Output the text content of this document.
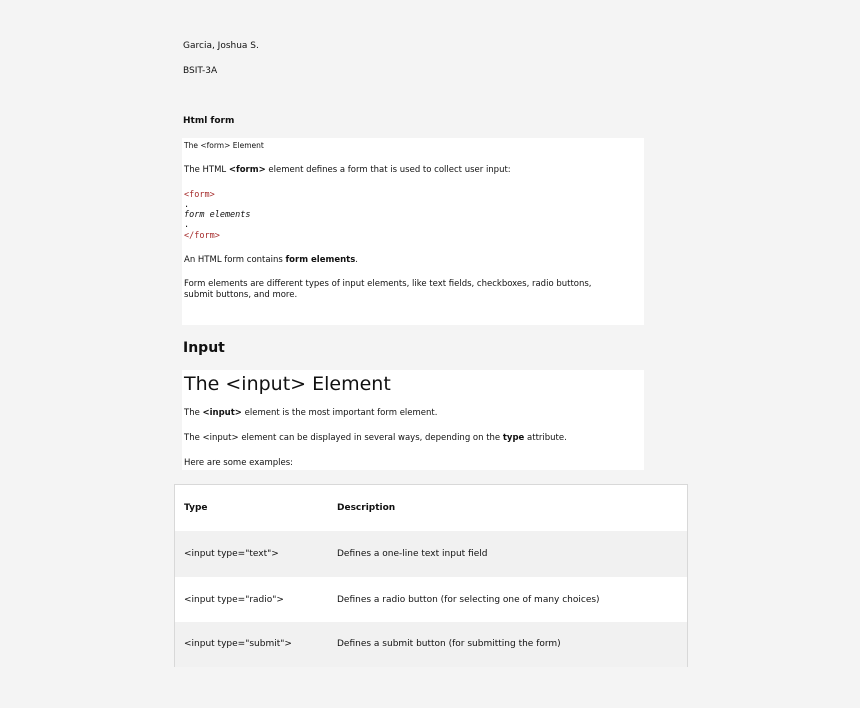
Garcia, Joshua S.
BSIT-3A
Html form
The <form> Element
The HTML <form> element defines a form that is used to collect user input:
<form>
.
form elements
.
</form>
An HTML form contains form elements.
Form elements are different types of input elements, like text fields, checkboxes, radio buttons,
submit buttons, and more.
Input
The <input> Element
The <input> element is the most important form element.
The <input> element can be displayed in several ways, depending on the type attribute.
Here are some examples:
Type	Description
<input type="text">	Defines a one-line text input field
<input type="radio">	Defines a radio button (for selecting one of many choices)
<input type="submit">	Defines a submit button (for submitting the form)
